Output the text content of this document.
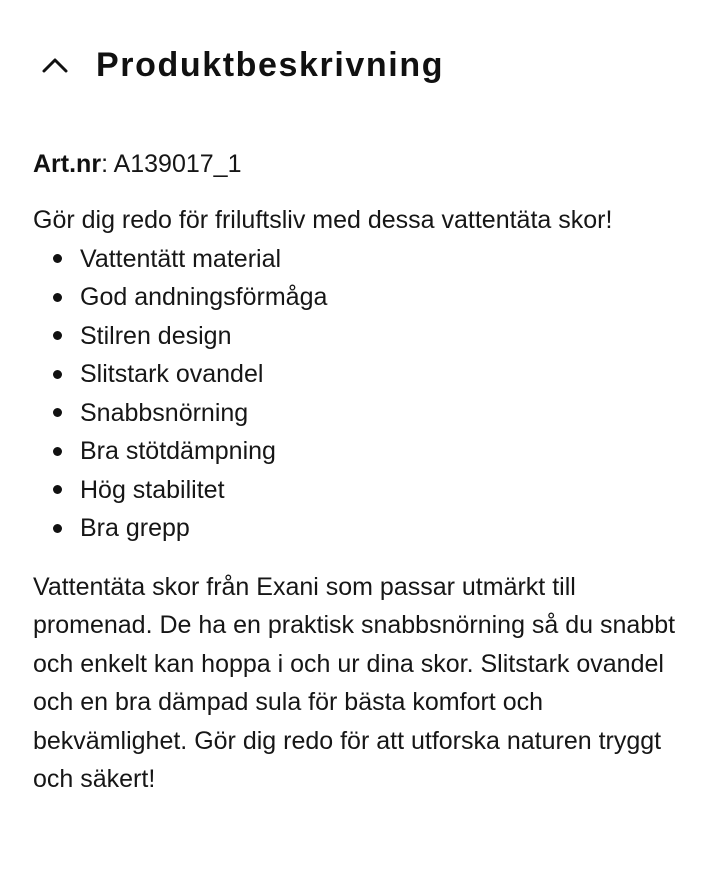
Produktbeskrivning

Art.nr: A139017_1

Gör dig redo för friluftsliv med dessa vattentäta skor!

Vattentätt material
God andningsförmåga
Stilren design
Slitstark ovandel
Snabbsnörning
Bra stötdämpning
Hög stabilitet
Bra grepp

Vattentäta skor från Exani som passar utmärkt till promenad. De ha en praktisk snabbsnörning så du snabbt och enkelt kan hoppa i och ur dina skor. Slitstark ovandel och en bra dämpad sula för bästa komfort och bekvämlighet. Gör dig redo för att utforska naturen tryggt och säkert!
